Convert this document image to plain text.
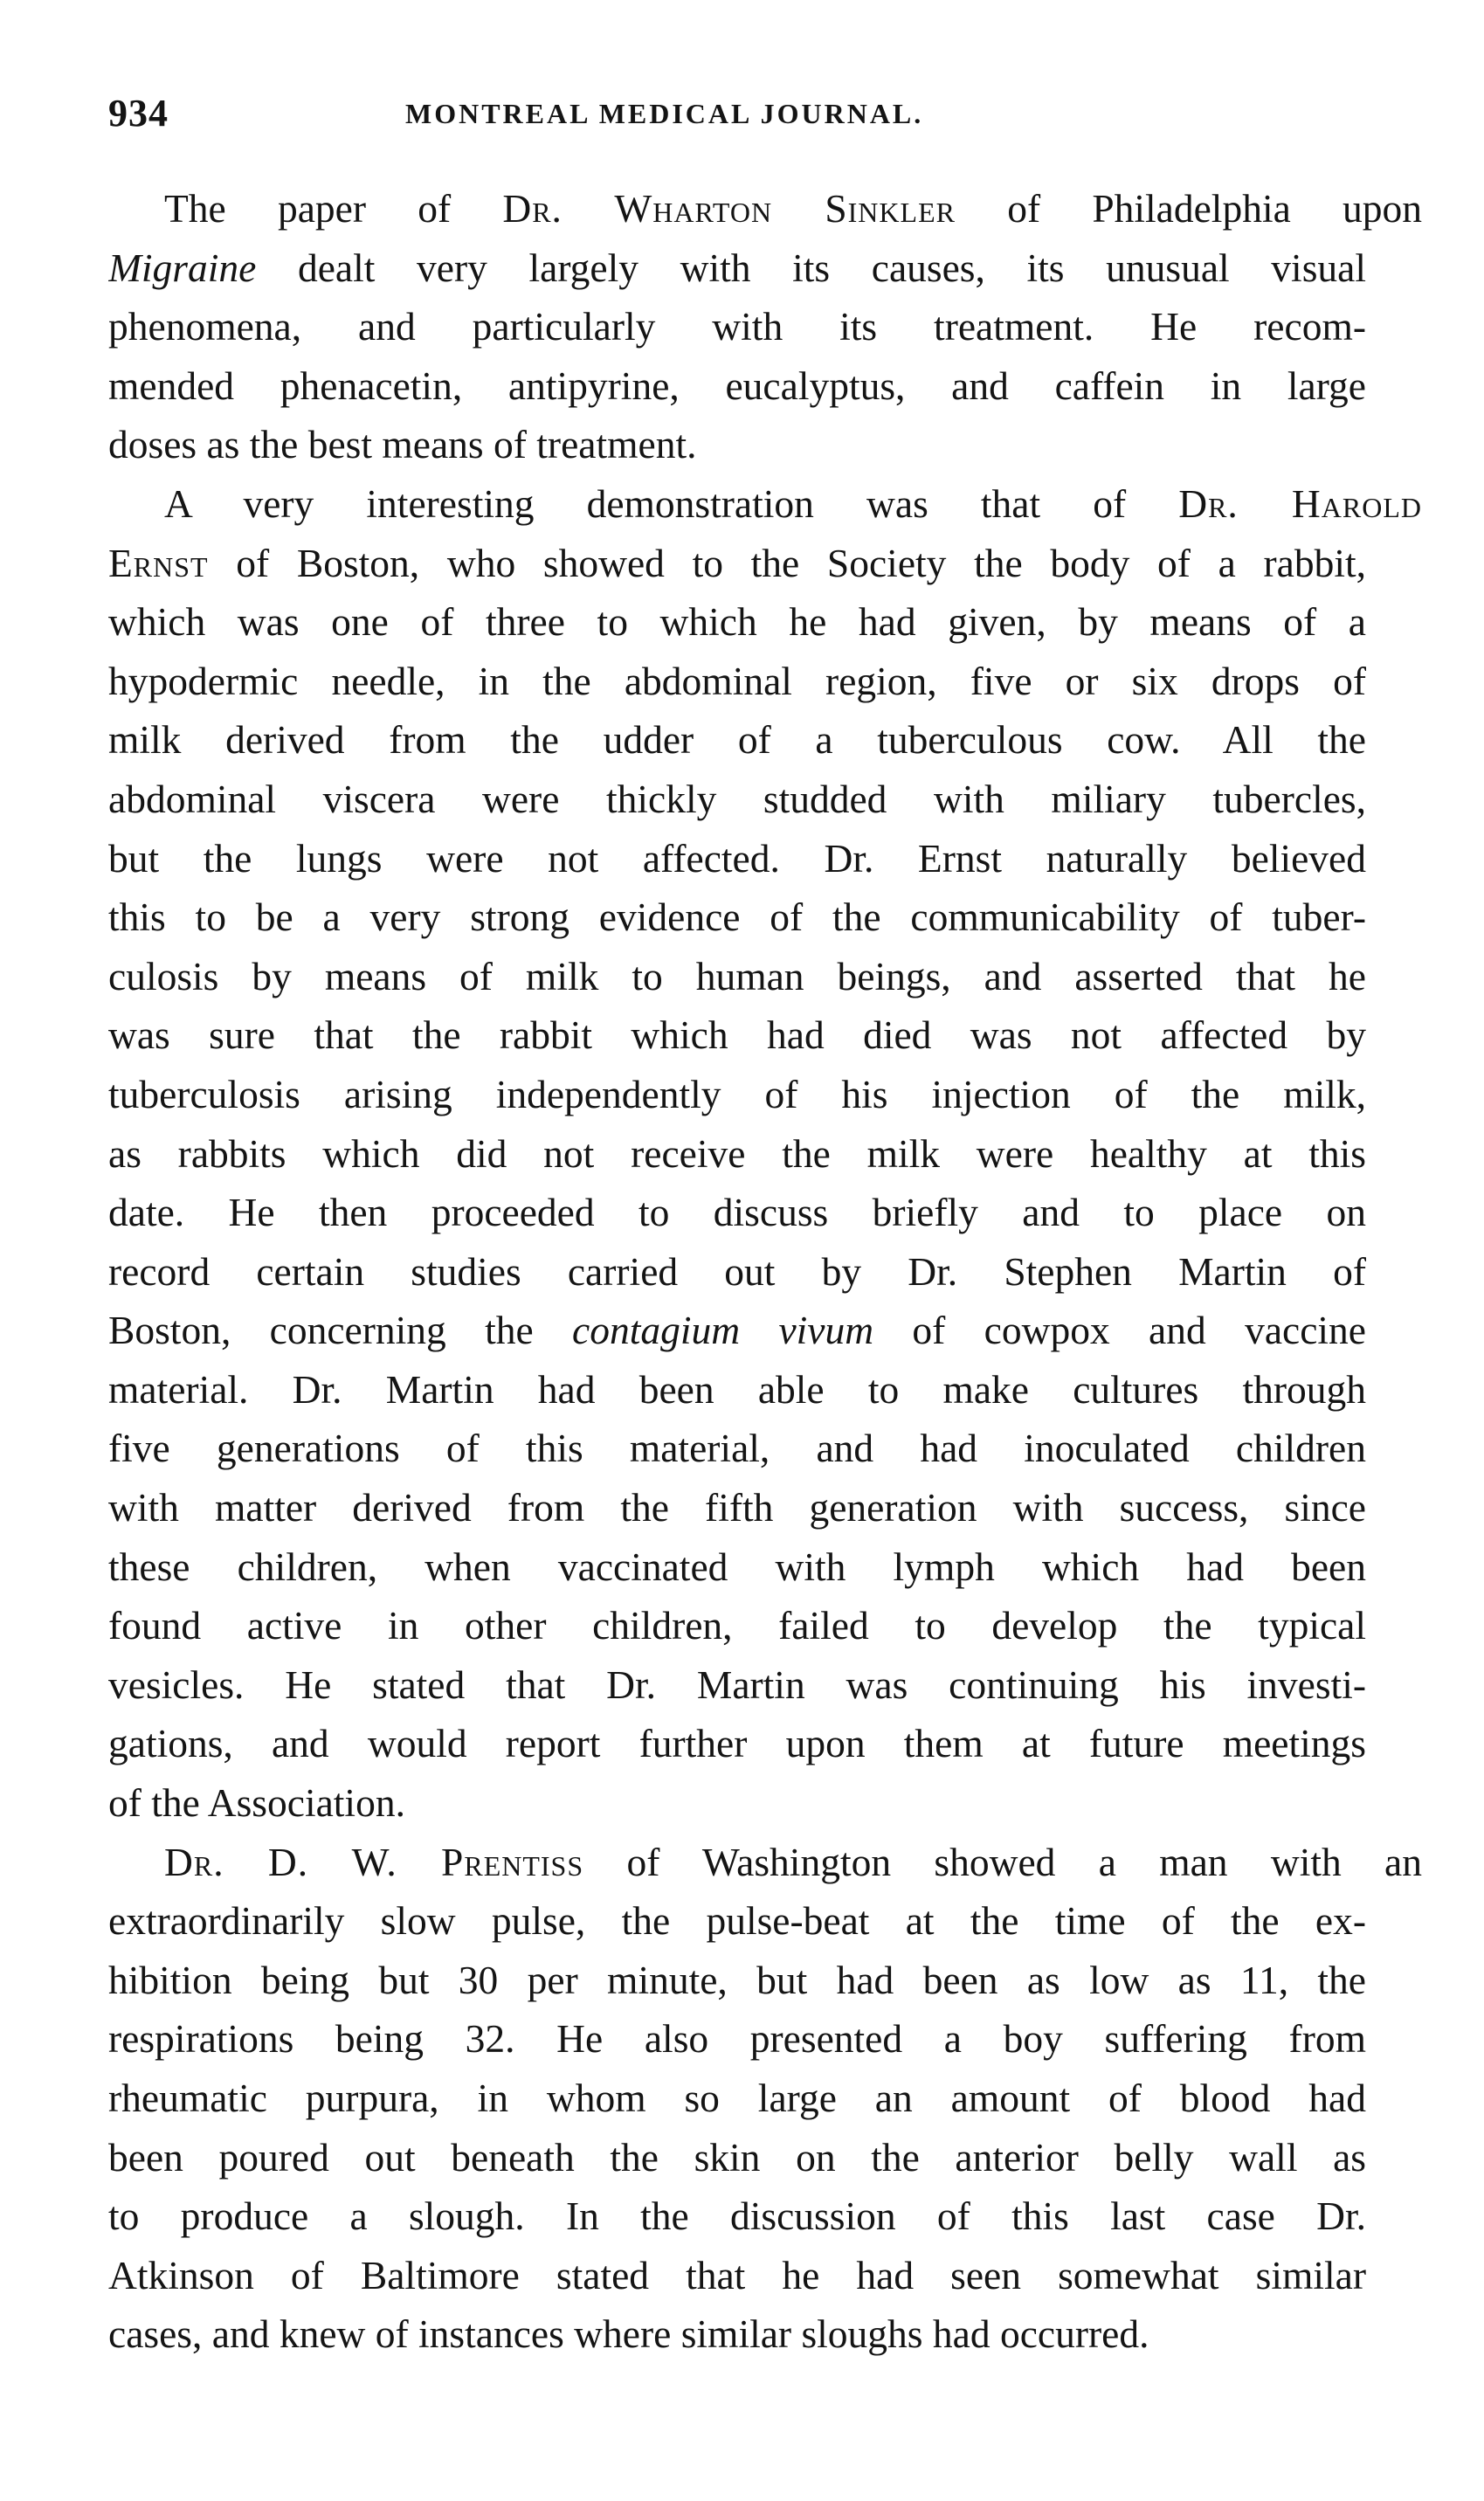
934	MONTREAL MEDICAL JOURNAL.
The paper of Dr. Wharton Sinkler of Philadelphia upon
Migraine dealt very largely with its causes, its unusual visual
phenomena, and particularly with its treatment. He recom-
mended phenacetin, antipyrine, eucalyptus, and caffein in large
doses as the best means of treatment.
A very interesting demonstration was that of Dr. Harold
Ernst of Boston, who showed to the Society the body of a rabbit,
which was one of three to which he had given, by means of a
hypodermic needle, in the abdominal region, five or six drops of
milk derived from the udder of a tuberculous cow. All the
abdominal viscera were thickly studded with miliary tubercles,
but the lungs were not affected. Dr. Ernst naturally believed
this to be a very strong evidence of the communicability of tuber-
culosis by means of milk to human beings, and asserted that he
was sure that the rabbit which had died was not affected by
tuberculosis arising independently of his injection of the milk,
as rabbits which did not receive the milk were healthy at this
date. He then proceeded to discuss briefly and to place on
record certain studies carried out by Dr. Stephen Martin of
Boston, concerning the contagium vivum of cowpox and vaccine
material. Dr. Martin had been able to make cultures through
five generations of this material, and had inoculated children
with matter derived from the fifth generation with success, since
these children, when vaccinated with lymph which had been
found active in other children, failed to develop the typical
vesicles. He stated that Dr. Martin was continuing his investi-
gations, and would report further upon them at future meetings
of the Association.
Dr. D. W. Prentiss of Washington showed a man with an
extraordinarily slow pulse, the pulse-beat at the time of the ex-
hibition being but 30 per minute, but had been as low as 11, the
respirations being 32. He also presented a boy suffering from
rheumatic purpura, in whom so large an amount of blood had
been poured out beneath the skin on the anterior belly wall as
to produce a slough. In the discussion of this last case Dr.
Atkinson of Baltimore stated that he had seen somewhat similar
cases, and knew of instances where similar sloughs had occurred.
